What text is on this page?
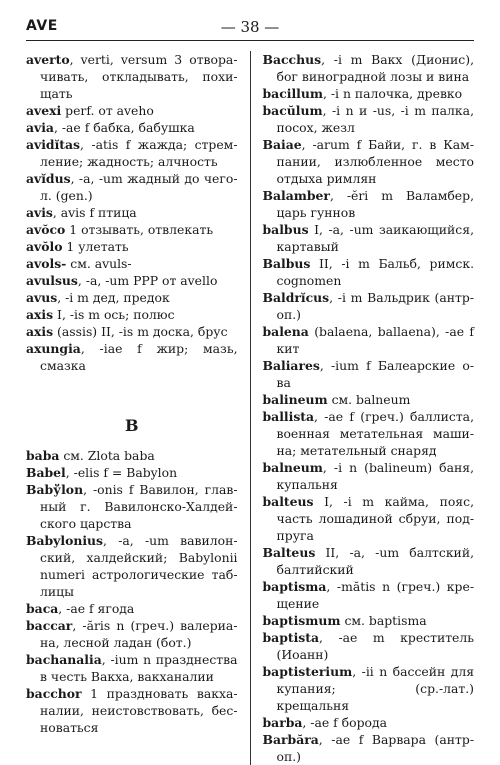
AVE	— 38 —

averto, verti, versum 3 отворачивать, откладывать, похищать

avexi perf. от aveho

avia, -ae f бабка, бабушка

avidĭtas, -atis f жажда; стремление; жадность; алчность

avĭdus, -a, -um жадный до чего-л. (gen.)

avis, avis f птица

avŏco 1 отзывать, отвлекать

avŏlo 1 улетать

avols- см. avuls-

avulsus, -a, -um PPP от avello

avus, -i m дед, предок

axis I, -is m ось; полюс

axis (assis) II, -is m доска, брус

axungia, -iae f жир; мазь, смазка

B

baba см. Zlota baba

Babel, -elis f = Babylon

Babўlon, -onis f Вавилон, главный г. Вавилонско-Халдейского царства

Babylonius, -a, -um вавилонский, халдейский; Babylonii numeri астрологические таблицы

baca, -ae f ягода

baccar, -ăris n (греч.) валериана, лесной ладан (бот.)

bachanalia, -ium n празднества в честь Вакха, вакханалии

bacchor 1 праздновать вакханалии, неистовствовать, бесноваться

Bacchus, -i m Вакх (Дионис), бог виноградной лозы и вина

bacillum, -i n палочка, древко

bacŭlum, -i n и -us, -i m палка, посох, жезл

Baiae, -arum f Байи, г. в Кампании, излюбленное место отдыха римлян

Balamber, -ĕri m Валамбер, царь гуннов

balbus I, -a, -um заикающийся, картавый

Balbus II, -i m Бальб, римск. cognomen

Baldrĭcus, -i m Вальдрик (антроп.)

balena (balaena, ballaena), -ae f кит

Baliares, -ium f Балеарские о-ва

balineum см. balneum

ballista, -ae f (греч.) баллиста, военная метательная машина; метательный снаряд

balneum, -i n (balineum) баня, купальня

balteus I, -i m кайма, пояс, часть лошадиной сбруи, подпруга

Balteus II, -a, -um балтский, балтийский

baptisma, -mătis n (греч.) крещение

baptismum см. baptisma

baptista, -ae m креститель (Иоанн)

baptisterium, -ii n бассейн для купания; (ср.-лат.) крещальня

barba, -ae f борода

Barbăra, -ae f Варвара (антроп.)
